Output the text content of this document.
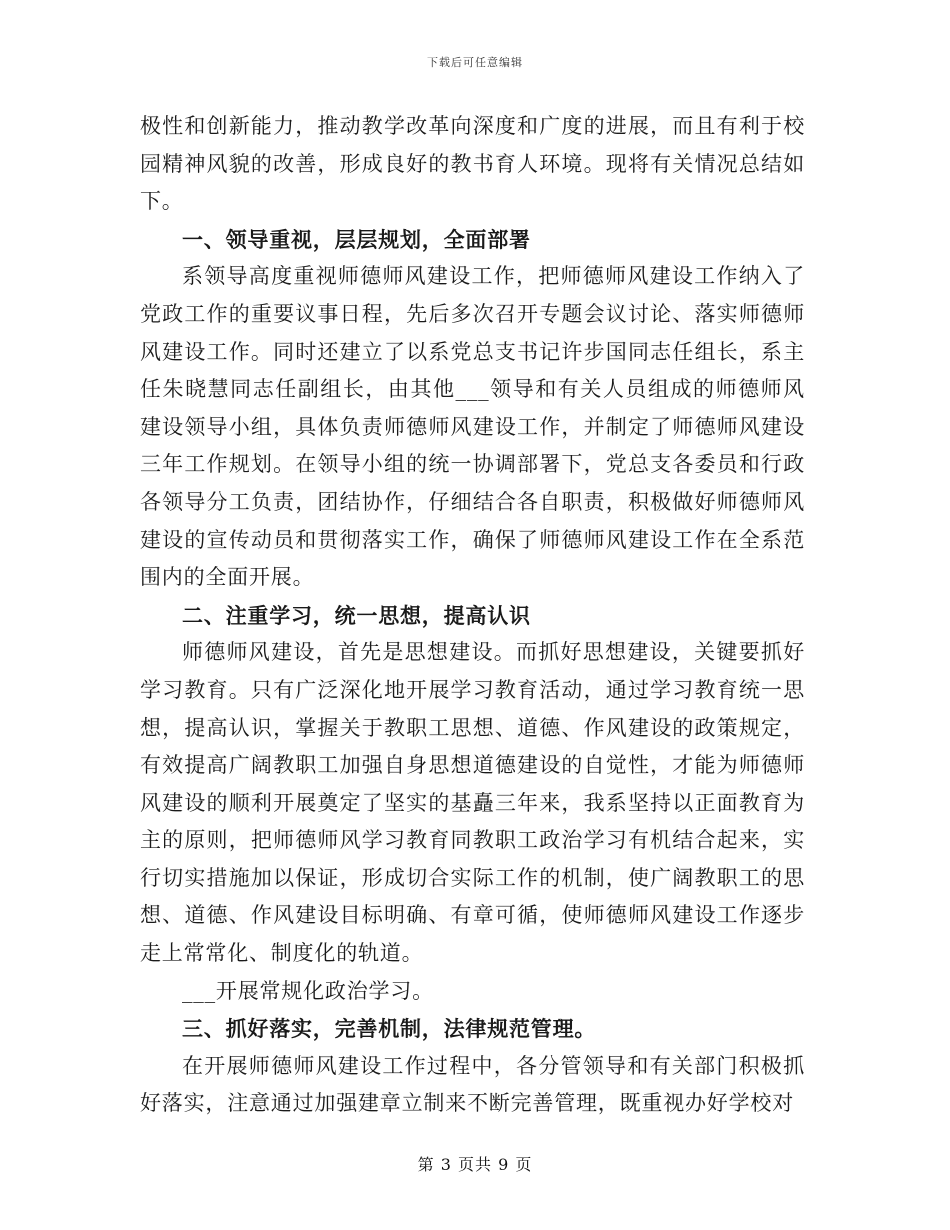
下载后可任意编辑

极性和创新能力，推动教学改革向深度和广度的进展，而且有利于校园精神风貌的改善，形成良好的教书育人环境。现将有关情况总结如下。

一、领导重视，层层规划，全面部署

系领导高度重视师德师风建设工作，把师德师风建设工作纳入了党政工作的重要议事日程，先后多次召开专题会议讨论、落实师德师风建设工作。同时还建立了以系党总支书记许步国同志任组长，系主任朱晓慧同志任副组长，由其他___领导和有关人员组成的师德师风建设领导小组，具体负责师德师风建设工作，并制定了师德师风建设三年工作规划。在领导小组的统一协调部署下，党总支各委员和行政各领导分工负责，团结协作，仔细结合各自职责，积极做好师德师风建设的宣传动员和贯彻落实工作，确保了师德师风建设工作在全系范围内的全面开展。

二、注重学习，统一思想，提高认识

师德师风建设，首先是思想建设。而抓好思想建设，关键要抓好学习教育。只有广泛深化地开展学习教育活动，通过学习教育统一思想，提高认识，掌握关于教职工思想、道德、作风建设的政策规定，有效提高广阔教职工加强自身思想道德建设的自觉性，才能为师德师风建设的顺利开展奠定了坚实的基矗三年来，我系坚持以正面教育为主的原则，把师德师风学习教育同教职工政治学习有机结合起来，实行切实措施加以保证，形成切合实际工作的机制，使广阔教职工的思想、道德、作风建设目标明确、有章可循，使师德师风建设工作逐步走上常常化、制度化的轨道。

___开展常规化政治学习。

三、抓好落实，完善机制，法律规范管理。

在开展师德师风建设工作过程中，各分管领导和有关部门积极抓好落实，注意通过加强建章立制来不断完善管理，既重视办好学校对

第 3 页共 9 页
